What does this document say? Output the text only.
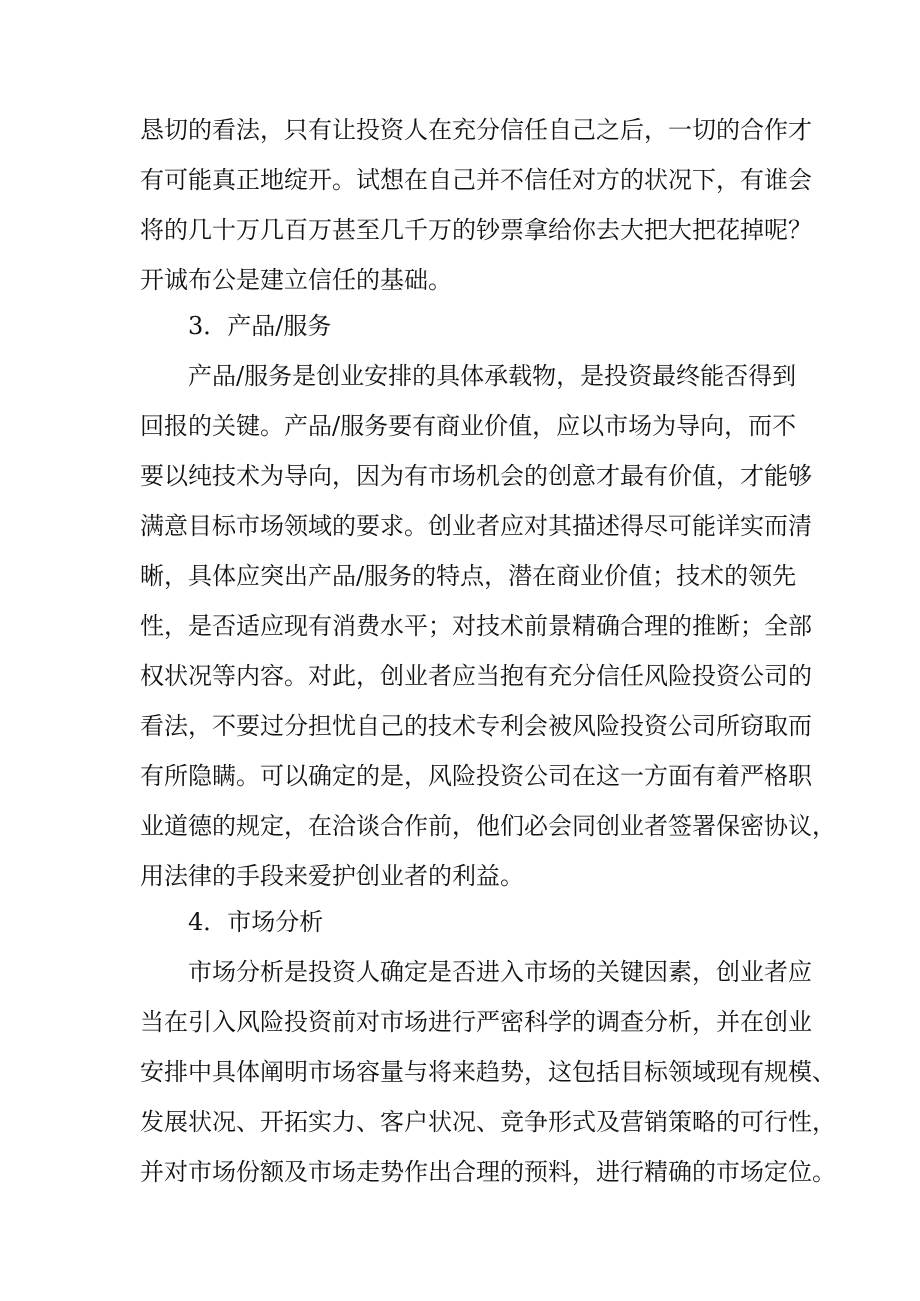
恳切的看法，只有让投资人在充分信任自己之后，一切的合作才
有可能真正地绽开。试想在自己并不信任对方的状况下，有谁会
将的几十万几百万甚至几千万的钞票拿给你去大把大把花掉呢？
开诚布公是建立信任的基础。
3．产品/服务
产品/服务是创业安排的具体承载物，是投资最终能否得到
回报的关键。产品/服务要有商业价值，应以市场为导向，而不
要以纯技术为导向，因为有市场机会的创意才最有价值，才能够
满意目标市场领域的要求。创业者应对其描述得尽可能详实而清
晰，具体应突出产品/服务的特点，潜在商业价值；技术的领先
性，是否适应现有消费水平；对技术前景精确合理的推断；全部
权状况等内容。对此，创业者应当抱有充分信任风险投资公司的
看法，不要过分担忧自己的技术专利会被风险投资公司所窃取而
有所隐瞒。可以确定的是，风险投资公司在这一方面有着严格职
业道德的规定，在洽谈合作前，他们必会同创业者签署保密协议，
用法律的手段来爱护创业者的利益。
4．市场分析
市场分析是投资人确定是否进入市场的关键因素，创业者应
当在引入风险投资前对市场进行严密科学的调查分析，并在创业
安排中具体阐明市场容量与将来趋势，这包括目标领域现有规模、
发展状况、开拓实力、客户状况、竞争形式及营销策略的可行性，
并对市场份额及市场走势作出合理的预料，进行精确的市场定位。
